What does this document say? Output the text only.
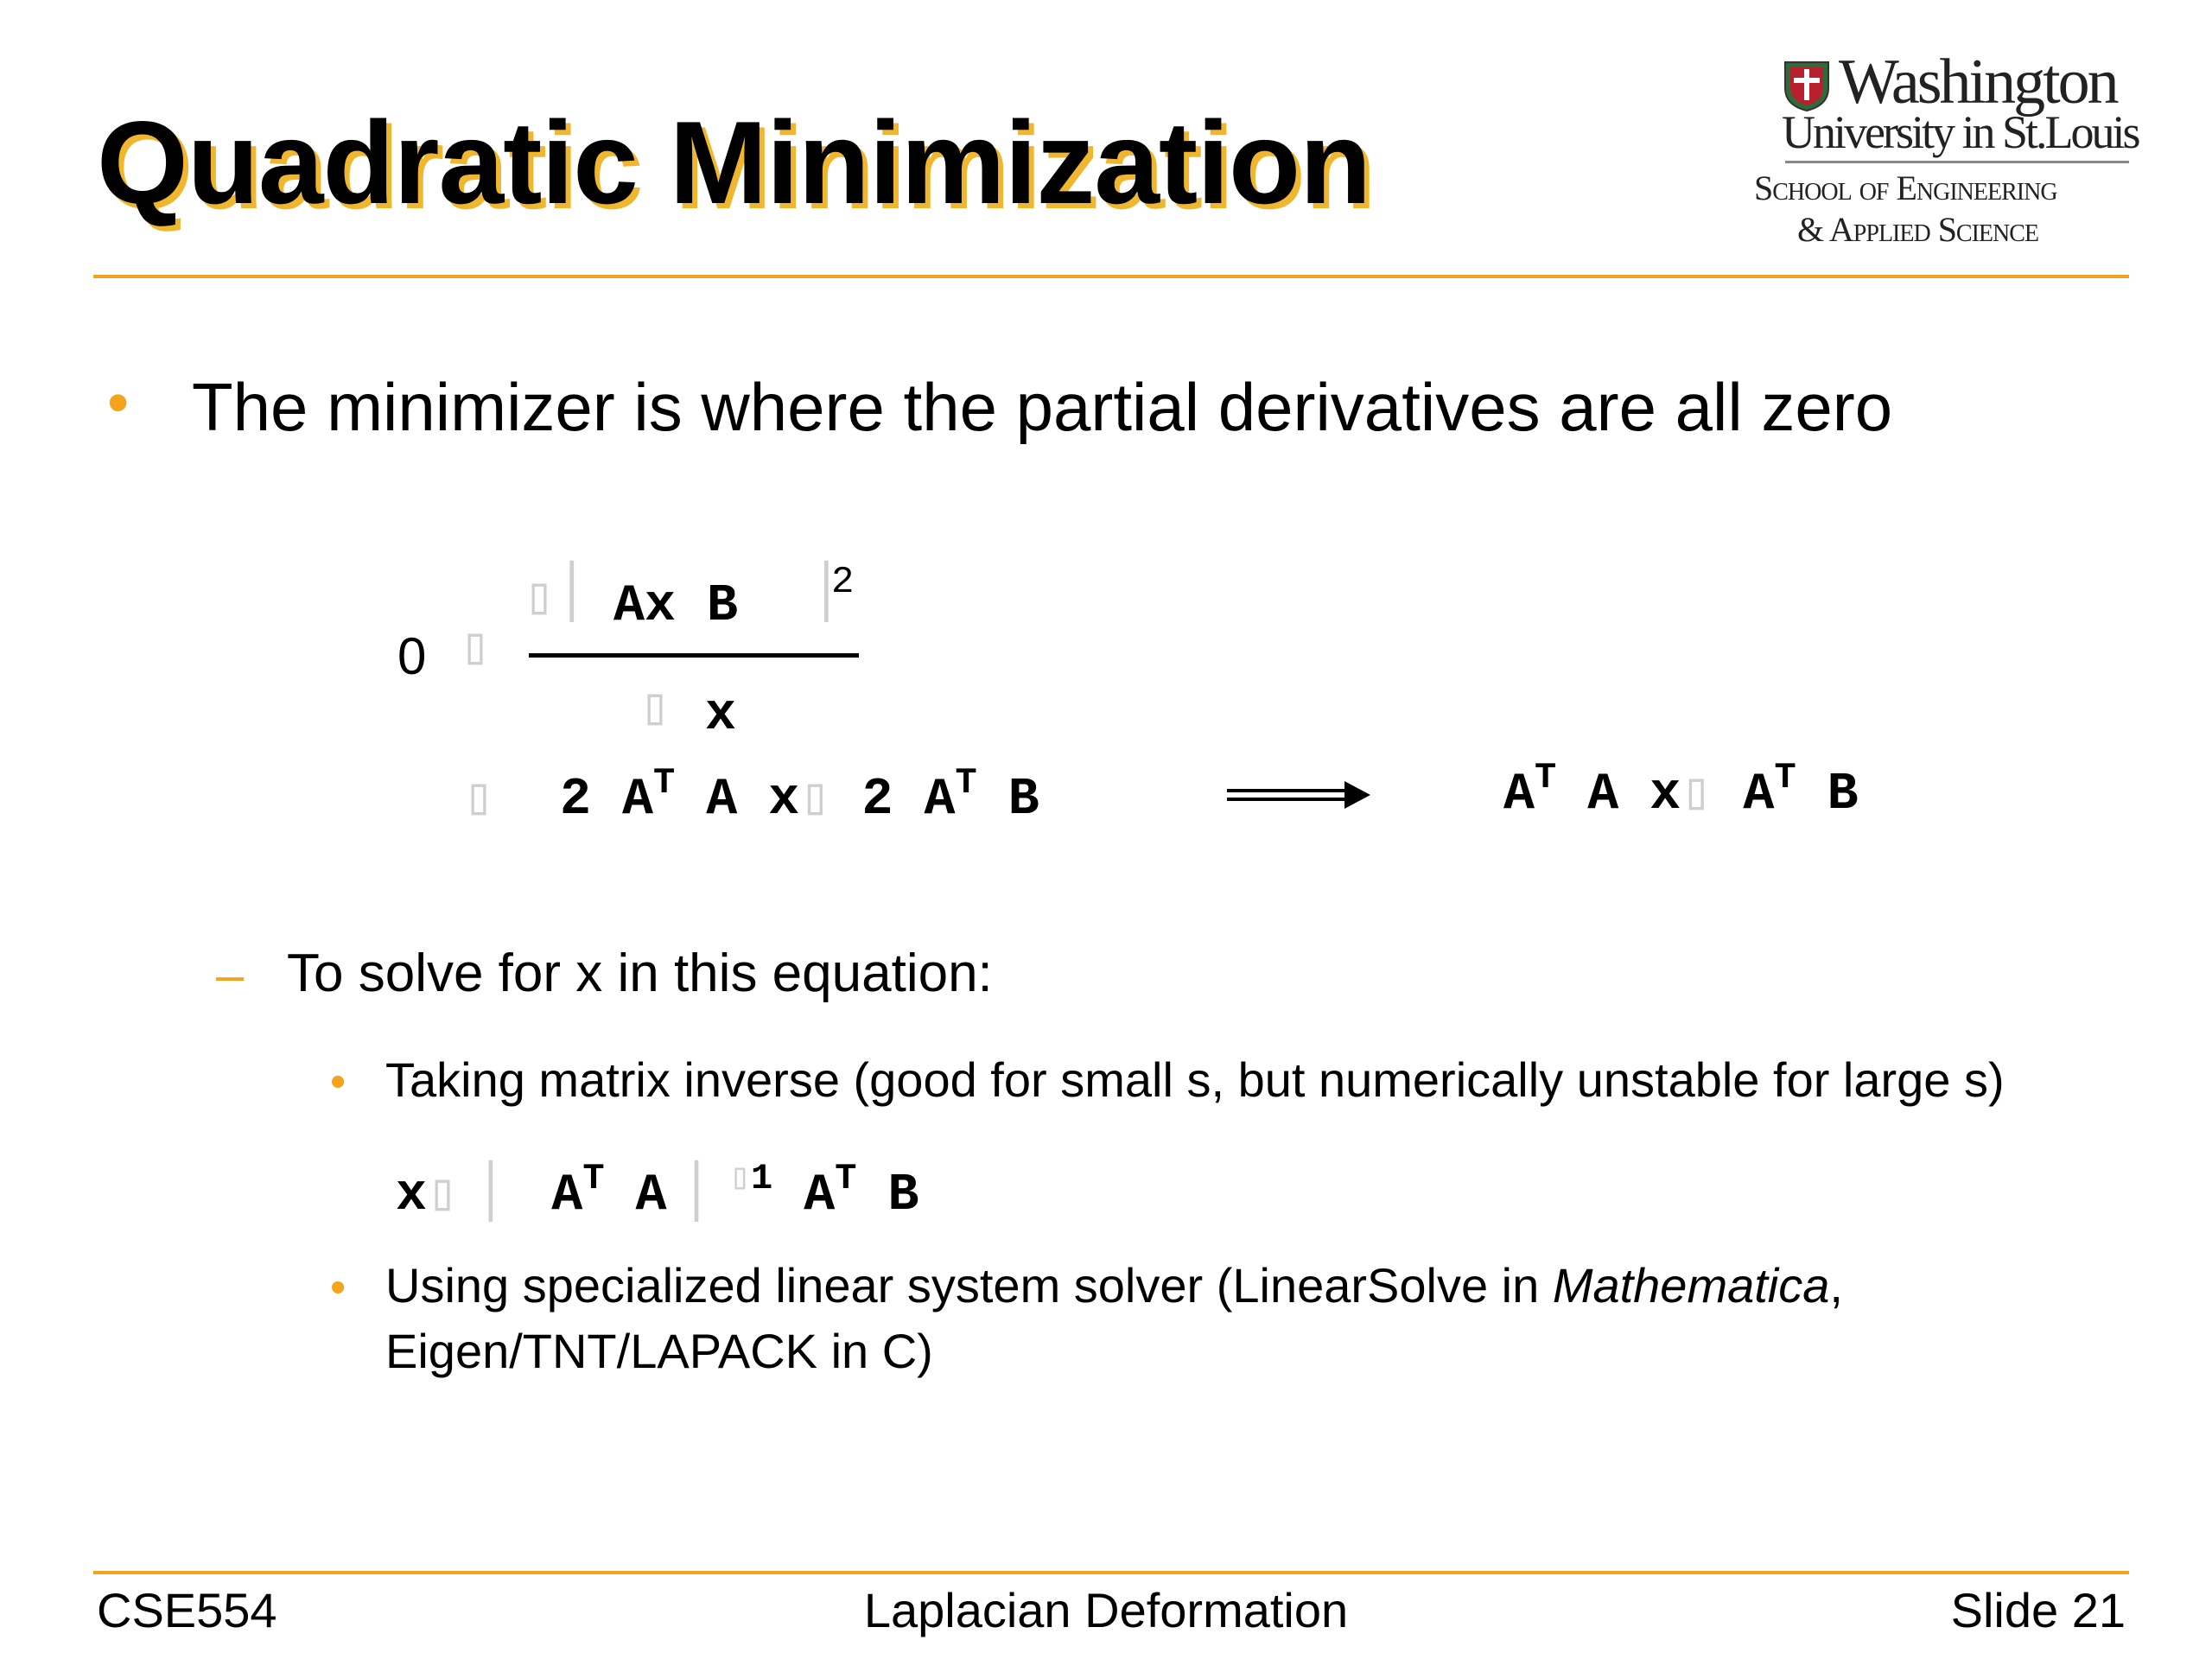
Quadratic Minimization
Washington
University in St.Louis
School of Engineering
& Applied Science
• The minimizer is where the partial derivatives are all zero
0 ▯
▯ ▏ Ax B ▕ 2
▯ x
▯ 2 $A^T$ A x▯ 2 $A^T$ B	$A^T$ A x▯ $A^T$ B
– To solve for x in this equation:
• Taking matrix inverse (good for small s, but numerically unstable for large s)
x▯ ▏ $A^T$ A▕ $^{▯1}$ $A^T$ B
• Using specialized linear system solver (LinearSolve in Mathematica,
Eigen/TNT/LAPACK in C)
CSE554	Laplacian Deformation	Slide 21
